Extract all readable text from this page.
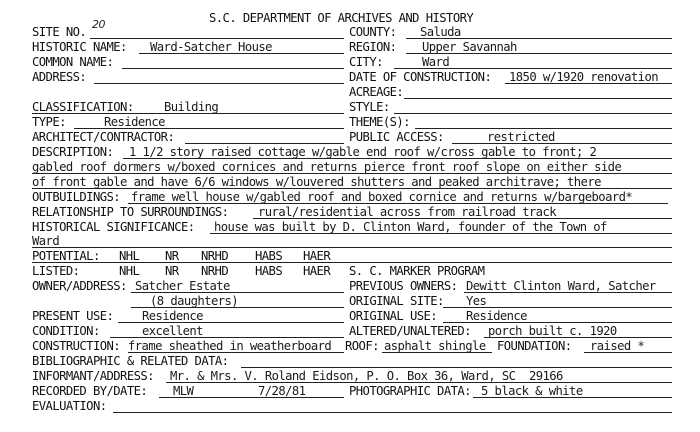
S.C. DEPARTMENT OF ARCHIVES AND HISTORY
SITE NO. 20	COUNTY: Saluda
HISTORIC NAME: Ward-Satcher House	REGION: Upper Savannah
COMMON NAME:	CITY:	Ward
ADDRESS:	DATE OF CONSTRUCTION: 1850 w/1920 renovation
ACREAGE:
CLASSIFICATION: Building	STYLE:
TYPE:	Residence	THEME(S):
ARCHITECT/CONTRACTOR:	PUBLIC ACCESS:	restricted
DESCRIPTION: 1 1/2 story raised cottage w/gable end roof w/cross gable to front; 2
gabled roof dormers w/boxed cornices and returns pierce front roof slope on either side
of front gable and have 6/6 windows w/louvered shutters and peaked architrave; there
OUTBUILDINGS: frame well house w/gabled roof and boxed cornice and returns w/bargeboard*
RELATIONSHIP TO SURROUNDINGS: rural/residential across from railroad track
HISTORICAL SIGNIFICANCE: house was built by D. Clinton Ward, founder of the Town of
Ward
POTENTIAL: NHL NR NRHD HABS HAER
LISTED:	NHL NR NRHD HABS HAER S. C. MARKER PROGRAM
OWNER/ADDRESS: Satcher Estate	PREVIOUS OWNERS: Dewitt Clinton Ward, Satcher
(8 daughters)	ORIGINAL SITE: Yes
PRESENT USE: Residence	ORIGINAL USE: Residence
CONDITION:	excellent	ALTERED/UNALTERED: porch built c. 1920
CONSTRUCTION: frame sheathed in weatherboard ROOF: asphalt shingle FOUNDATION: raised *
BIBLIOGRAPHIC & RELATED DATA:
INFORMANT/ADDRESS: Mr. & Mrs. V. Roland Eidson, P. O. Box 36, Ward, SC  29166
RECORDED BY/DATE: MLW	7/28/81	PHOTOGRAPHIC DATA: 5 black & white
EVALUATION:
